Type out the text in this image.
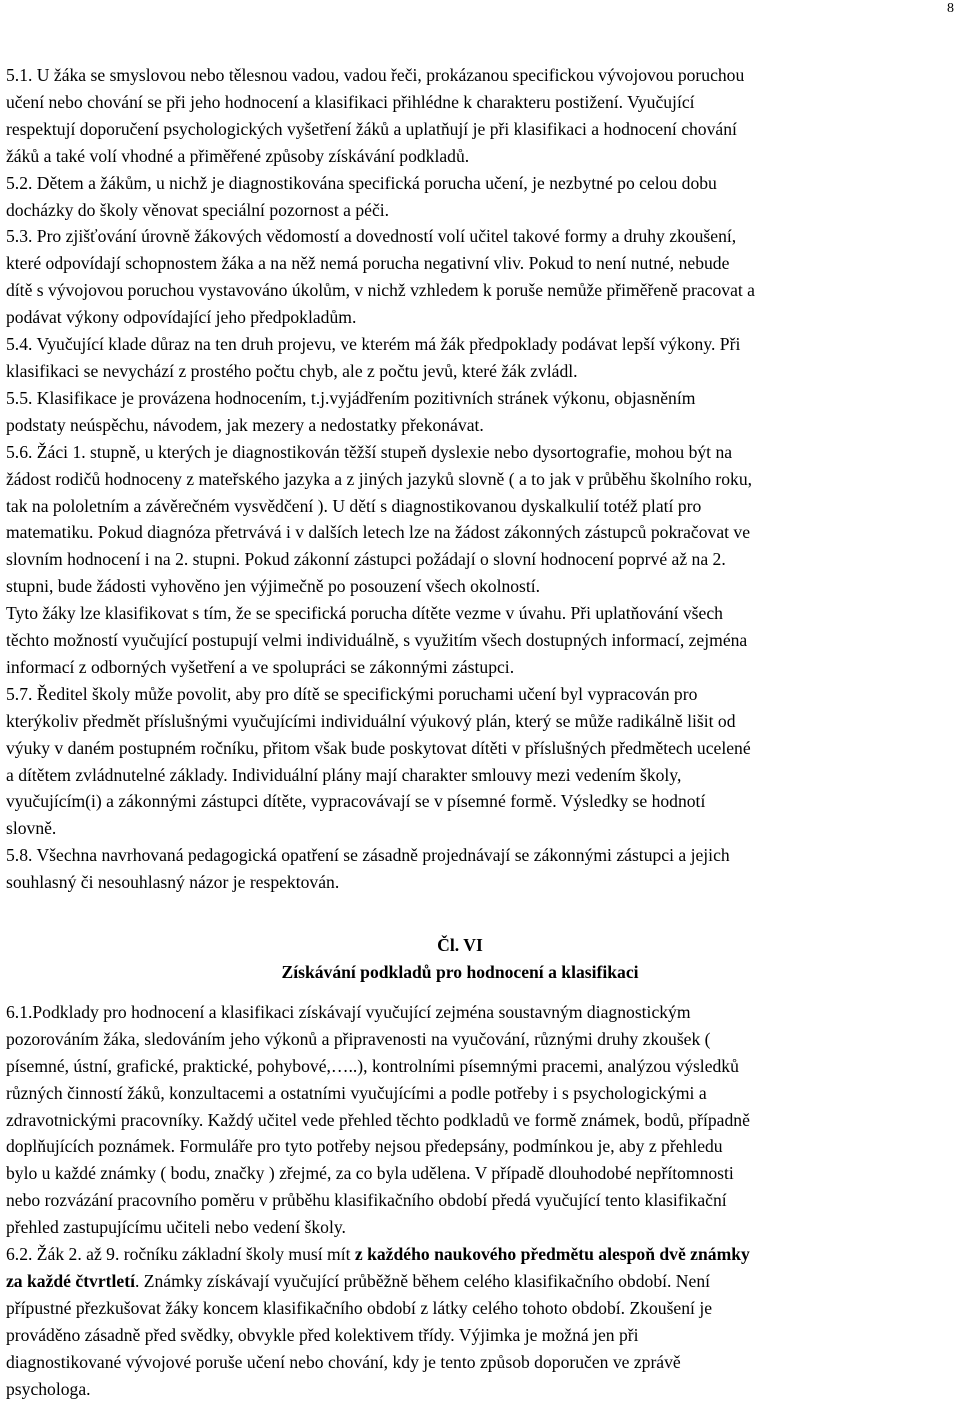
8
5.1. U žáka se smyslovou nebo tělesnou vadou, vadou řeči, prokázanou specifickou vývojovou poruchou
učení nebo chování se při jeho hodnocení a klasifikaci přihlédne k charakteru postižení. Vyučující
respektují doporučení psychologických vyšetření žáků a uplatňují je při klasifikaci a hodnocení chování
žáků a také volí vhodné a přiměřené způsoby získávání podkladů.
5.2. Dětem a žákům, u nichž je diagnostikována specifická porucha učení, je nezbytné po celou dobu
docházky do školy věnovat speciální pozornost a péči.
5.3. Pro zjišťování úrovně žákových vědomostí a dovedností volí učitel takové formy a druhy zkoušení,
které odpovídají schopnostem žáka a na něž nemá porucha negativní vliv. Pokud to není nutné, nebude
dítě s vývojovou poruchou vystavováno úkolům, v nichž vzhledem k poruše nemůže přiměřeně pracovat a
podávat výkony odpovídající jeho předpokladům.
5.4. Vyučující klade důraz na ten druh projevu, ve kterém má žák předpoklady podávat lepší výkony. Při
klasifikaci se nevychází z prostého počtu chyb, ale z počtu jevů, které žák zvládl.
5.5. Klasifikace je provázena hodnocením, t.j.vyjádřením pozitivních stránek výkonu, objasněním
podstaty neúspěchu, návodem, jak mezery a nedostatky překonávat.
5.6. Žáci 1. stupně, u kterých je diagnostikován těžší stupeň dyslexie nebo dysortografie, mohou být na
žádost rodičů hodnoceny z mateřského jazyka a z jiných jazyků slovně ( a to jak v průběhu školního roku,
tak na pololetním a závěrečném vysvědčení ). U dětí s diagnostikovanou dyskalkulií totéž platí pro
matematiku. Pokud diagnóza přetrvává i v dalších letech lze na žádost zákonných zástupců pokračovat ve
slovním hodnocení i na 2. stupni. Pokud zákonní zástupci požádají o slovní hodnocení poprvé až na 2.
stupni, bude žádosti vyhověno jen výjimečně po posouzení všech okolností.
Tyto žáky lze klasifikovat s tím, že se specifická porucha dítěte vezme v úvahu. Při uplatňování všech
těchto možností vyučující postupují velmi individuálně, s využitím všech dostupných informací, zejména
informací z odborných vyšetření a ve spolupráci se zákonnými zástupci.
5.7. Ředitel školy může povolit, aby pro dítě se specifickými poruchami učení byl vypracován pro
kterýkoliv předmět příslušnými vyučujícími individuální výukový plán, který se může radikálně lišit od
výuky v daném postupném ročníku, přitom však bude poskytovat dítěti v příslušných předmětech ucelené
a dítětem zvládnutelné základy. Individuální plány mají charakter smlouvy mezi vedením školy,
vyučujícím(i) a zákonnými zástupci dítěte, vypracovávají se v písemné formě. Výsledky se hodnotí
slovně.
5.8. Všechna navrhovaná pedagogická opatření se zásadně projednávají se zákonnými zástupci a jejich
souhlasný či nesouhlasný názor je respektován.
Čl. VI
Získávání podkladů pro hodnocení a klasifikaci
6.1.Podklady pro hodnocení a klasifikaci získávají vyučující zejména soustavným diagnostickým
pozorováním žáka, sledováním jeho výkonů a připravenosti na vyučování, různými druhy zkoušek (
písemné, ústní, grafické, praktické, pohybové,…..), kontrolními písemnými pracemi, analýzou výsledků
různých činností žáků, konzultacemi a ostatními vyučujícími a podle potřeby i s psychologickými a
zdravotnickými pracovníky. Každý učitel vede přehled těchto podkladů ve formě známek, bodů, případně
doplňujících poznámek. Formuláře pro tyto potřeby nejsou předepsány, podmínkou je, aby z přehledu
bylo u každé známky ( bodu, značky ) zřejmé, za co byla udělena. V případě dlouhodobé nepřítomnosti
nebo rozvázání pracovního poměru v průběhu klasifikačního období předá vyučující tento klasifikační
přehled zastupujícímu učiteli nebo vedení školy.
6.2. Žák 2. až 9. ročníku základní školy musí mít z každého naukového předmětu alespoň dvě známky
za každé čtvrtletí. Známky získávají vyučující průběžně během celého klasifikačního období. Není
přípustné přezkušovat žáky koncem klasifikačního období z látky celého tohoto období. Zkoušení je
prováděno zásadně před svědky, obvykle před kolektivem třídy. Výjimka je možná jen při
diagnostikované vývojové poruše učení nebo chování, kdy je tento způsob doporučen ve zprávě
psychologa.
